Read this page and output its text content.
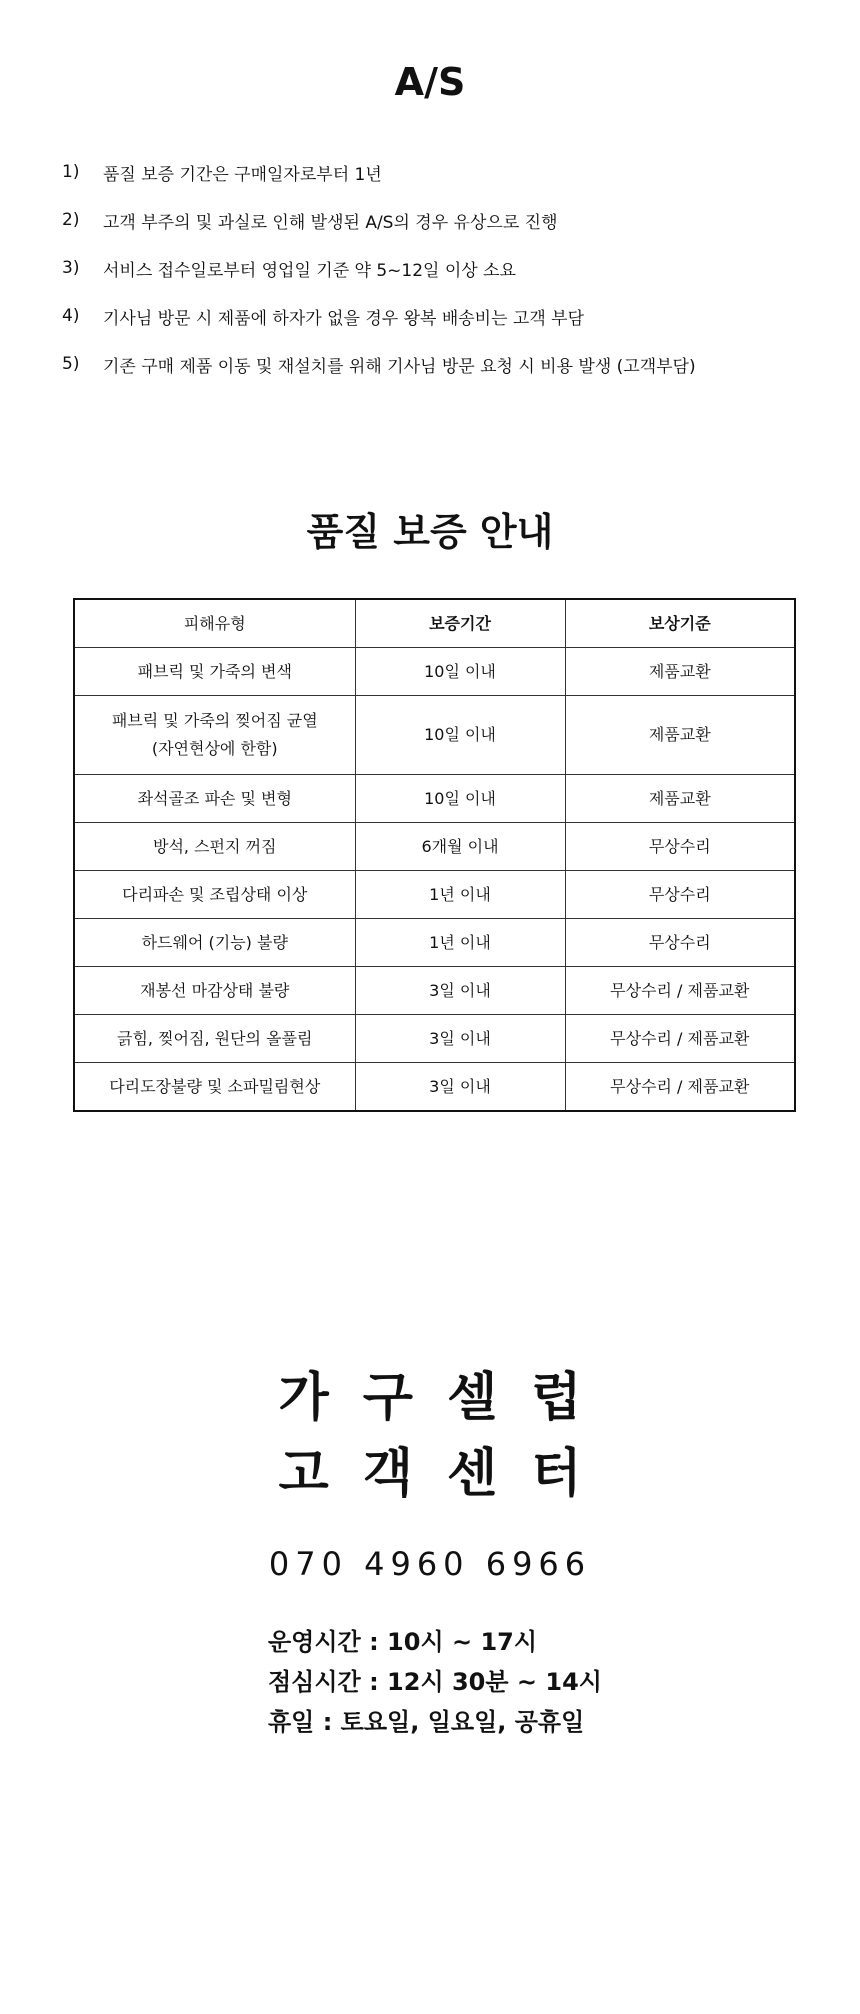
A/S
1)	품질 보증 기간은 구매일자로부터 1년
2)	고객 부주의 및 과실로 인해 발생된 A/S의 경우 유상으로 진행
3)	서비스 접수일로부터 영업일 기준 약 5~12일 이상 소요
4)	기사님 방문 시 제품에 하자가 없을 경우 왕복 배송비는 고객 부담
5)	기존 구매 제품 이동 및 재설치를 위해 기사님 방문 요청 시 비용 발생 (고객부담)
품질 보증 안내
피해유형	보증기간	보상기준
패브릭 및 가죽의 변색	10일 이내	제품교환
패브릭 및 가죽의 찢어짐 균열
(자연현상에 한함)	10일 이내	제품교환
좌석골조 파손 및 변형	10일 이내	제품교환
방석, 스펀지 꺼짐	6개월 이내	무상수리
다리파손 및 조립상태 이상	1년 이내	무상수리
하드웨어 (기능) 불량	1년 이내	무상수리
재봉선 마감상태 불량	3일 이내	무상수리 / 제품교환
긁힘, 찢어짐, 원단의 올풀림	3일 이내	무상수리 / 제품교환
다리도장불량 및 소파밀림현상	3일 이내	무상수리 / 제품교환
가구셀럽
고객센터
070 4960 6966
운영시간 : 10시 ~ 17시
점심시간 : 12시 30분 ~ 14시
휴일 : 토요일, 일요일, 공휴일
